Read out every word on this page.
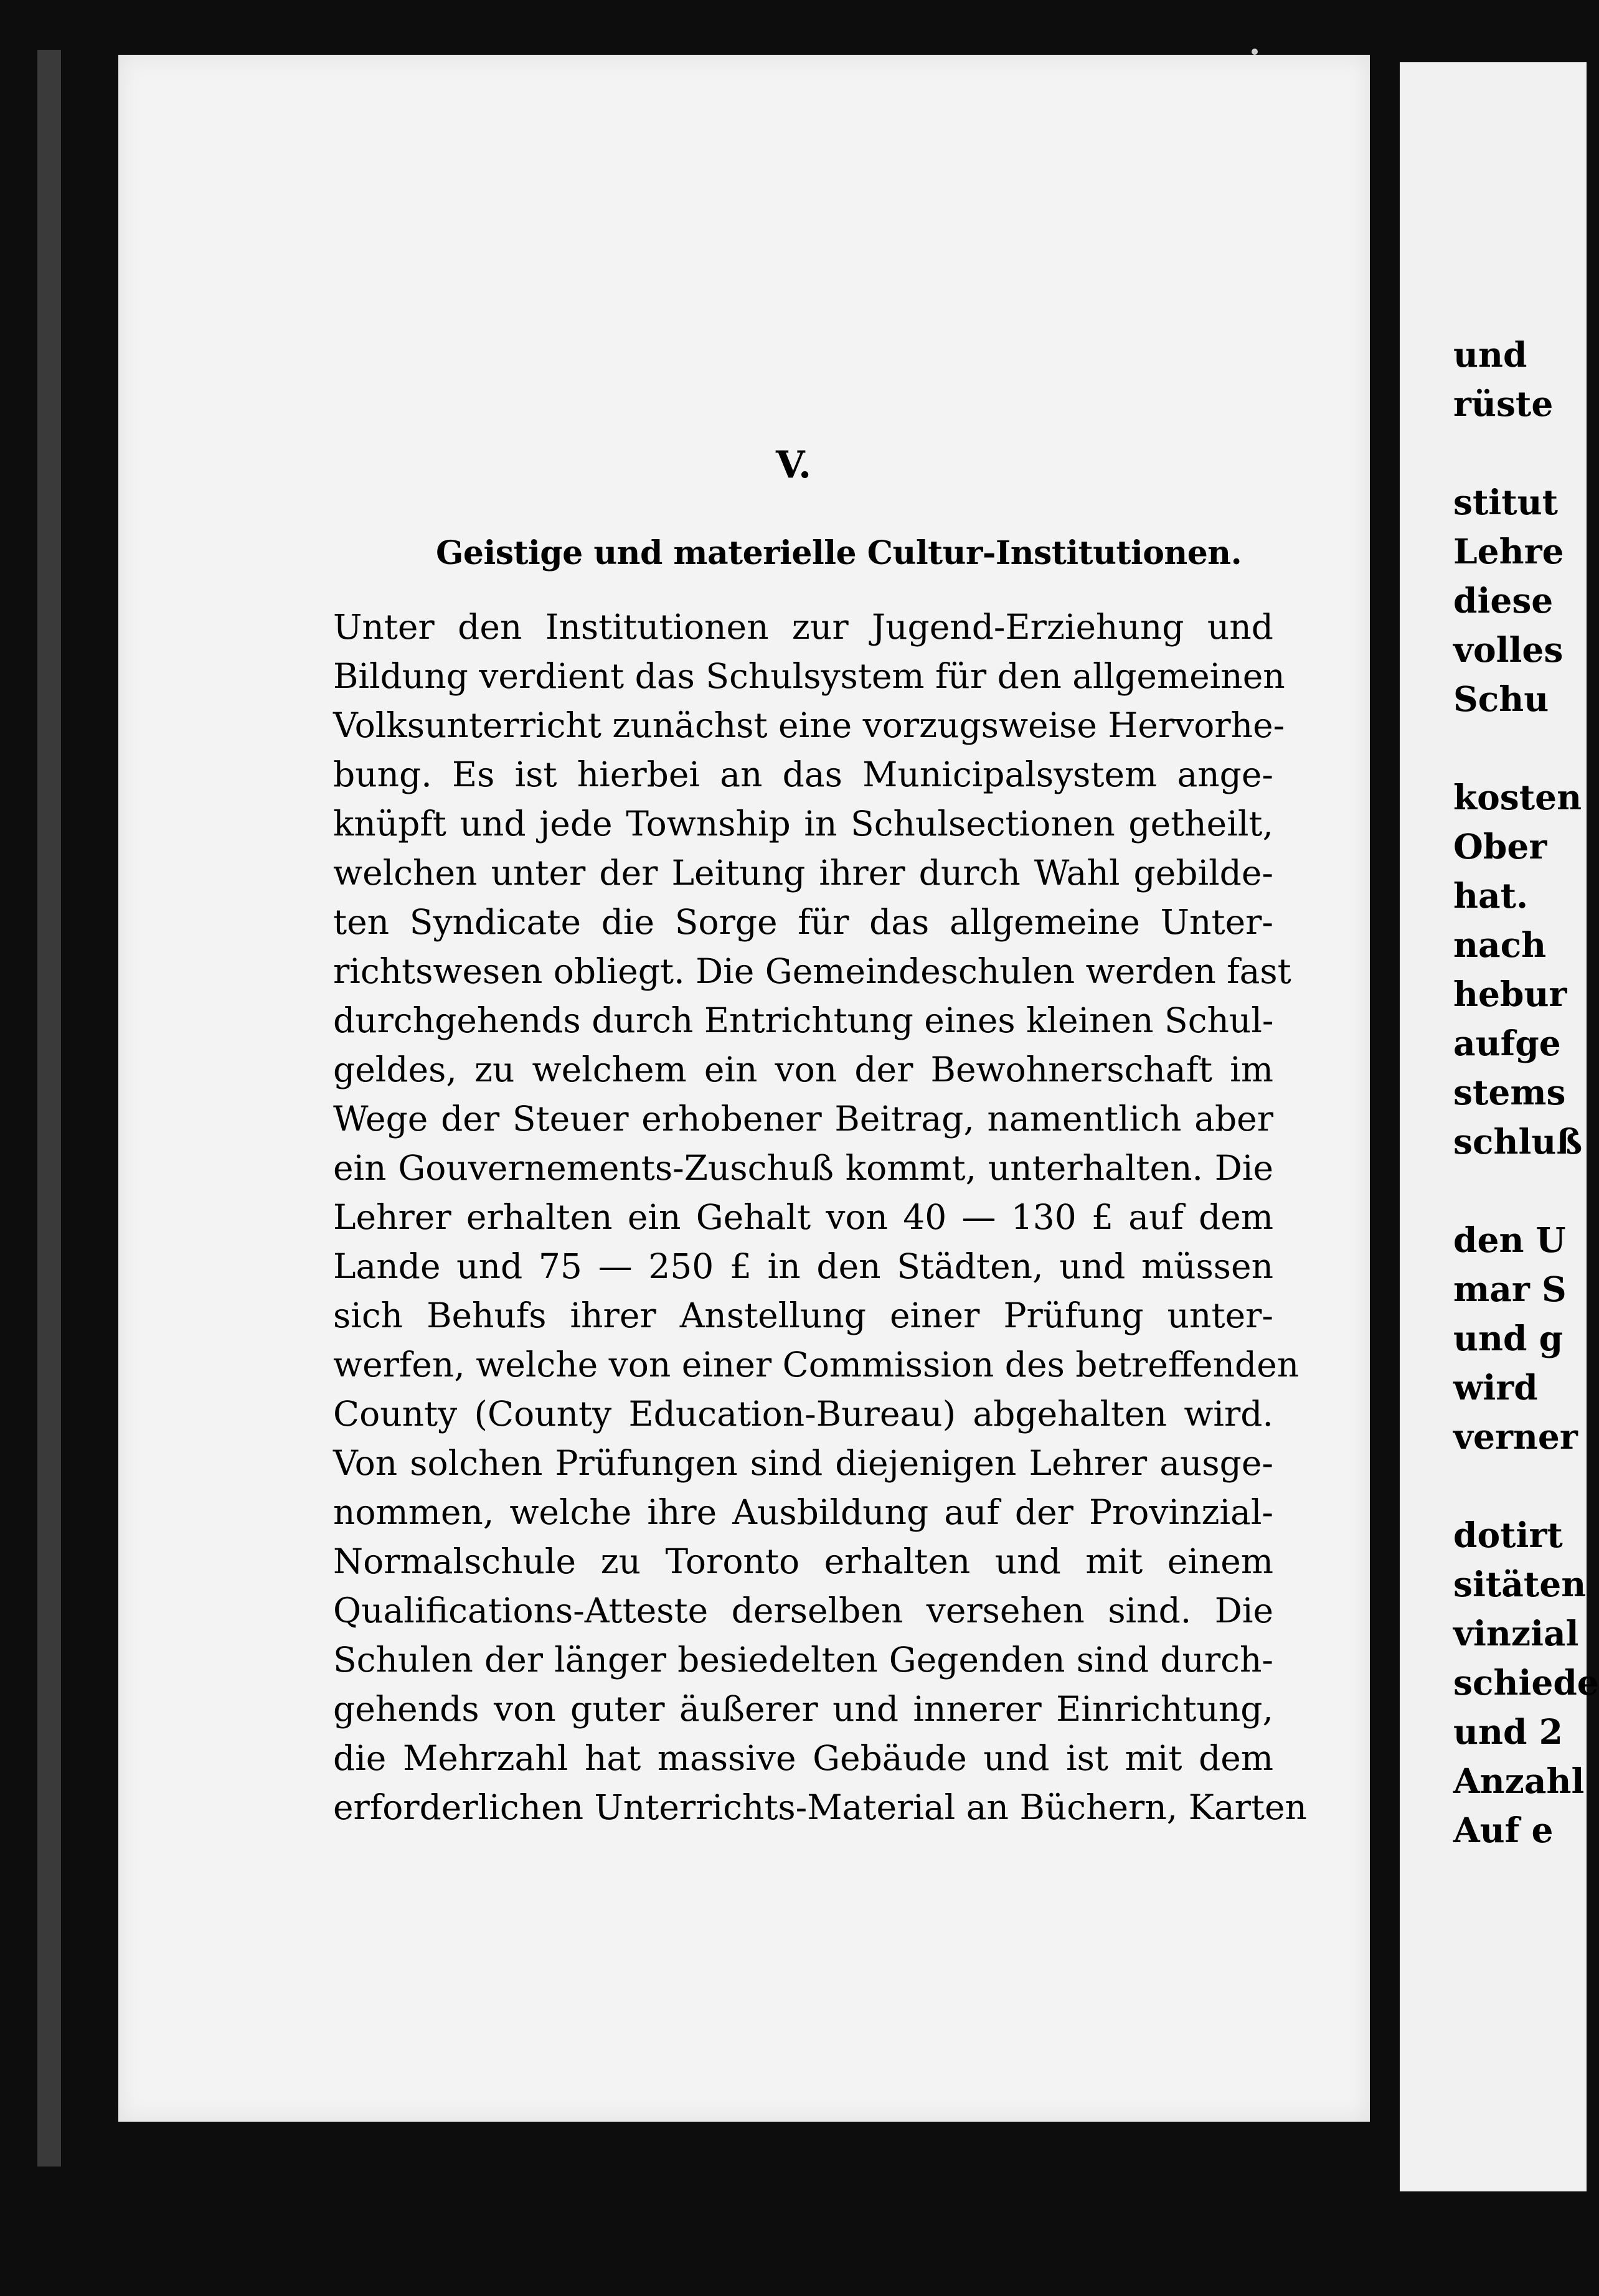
V.
Geistige und materielle Cultur-Institutionen.
Unter den Institutionen zur Jugend-Erziehung und
Bildung verdient das Schulsystem für den allgemeinen
Volksunterricht zunächst eine vorzugsweise Hervorhe-
bung. Es ist hierbei an das Municipalsystem ange-
knüpft und jede Township in Schulsectionen getheilt,
welchen unter der Leitung ihrer durch Wahl gebilde-
ten Syndicate die Sorge für das allgemeine Unter-
richtswesen obliegt. Die Gemeindeschulen werden fast
durchgehends durch Entrichtung eines kleinen Schul-
geldes, zu welchem ein von der Bewohnerschaft im
Wege der Steuer erhobener Beitrag, namentlich aber
ein Gouvernements-Zuschuß kommt, unterhalten. Die
Lehrer erhalten ein Gehalt von 40 — 130 £ auf dem
Lande und 75 — 250 £ in den Städten, und müssen
sich Behufs ihrer Anstellung einer Prüfung unter-
werfen, welche von einer Commission des betreffenden
County (County Education-Bureau) abgehalten wird.
Von solchen Prüfungen sind diejenigen Lehrer ausge-
nommen, welche ihre Ausbildung auf der Provinzial-
Normalschule zu Toronto erhalten und mit einem
Qualifications-Atteste derselben versehen sind. Die
Schulen der länger besiedelten Gegenden sind durch-
gehends von guter äußerer und innerer Einrichtung,
die Mehrzahl hat massive Gebäude und ist mit dem
erforderlichen Unterrichts-Material an Büchern, Karten
und
rüste
stitut
Lehre
diese
volles
Schu
kosten
Ober
hat.
nach
hebur
aufge
stems
schluß
den U
mar S
und g
wird
verner
dotirt
sitäten
vinzial
schiede
und 2
Anzahl
Auf e
